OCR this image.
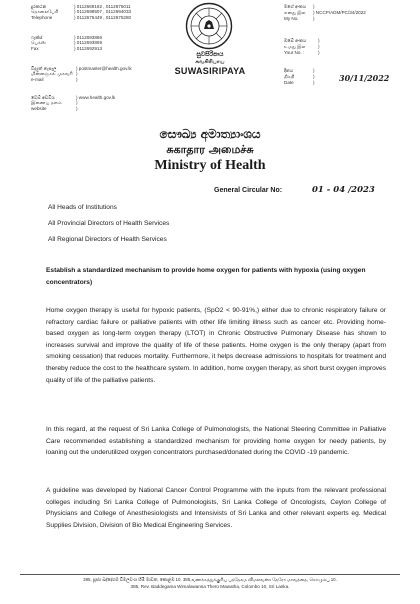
දුරකථන
தொலைபேசி
Telephone
) 0112669192 , 0112675011
) 0112698507 , 0112694033
) 0112675449 , 0112675280
ෆැක්ස්
பெக்ஸ்
Fax
) 0112693866
) 0112693869
) 0112692913
විද්‍යුත් තැපෑල
மின்னஞ்சல் முகவரி
e-mail
) postmaster@health.gov.lk
)
)
වෙබ් අඩවිය
இணைய தளம்
website
) www.health.gov.lk
)
)
සුවසිරිපාය
சுவசிரிபாய
SUWASIRIPAYA
මගේ අංකය
எனது இல
My No.
)
) NCCP/ADM/PC/34/2022
)
ඔබේ අංකය
உமது இல
Your No. :
)
)
)
දිනය
திகதி
Date
)
)
)	30/11/2022
සෞඛ්‍ය අමාත්‍යාංශය
சுகாதார அமைச்சு
Ministry of Health
General Circular No:	01 - 04 /2023
All Heads of Institutions
All Provincial Directors of Health Services
All Regional Directors of Health Services
Establish a standardized mechanism to provide home oxygen for patients with hypoxia (using oxygen concentrators)
Home oxygen therapy is useful for hypoxic patients, (SpO2 < 90-91%,) either due to chronic respiratory failure or refractory cardiac failure or palliative patients with other life limiting illness such as cancer etc. Providing home-based oxygen as long-term oxygen therapy (LTOT) in Chronic Obstructive Pulmonary Disease has shown to increases survival and improve the quality of life of these patients. Home oxygen is the only therapy (apart from smoking cessation) that reduces mortality. Furthermore, it helps decrease admissions to hospitals for treatment and thereby reduce the cost to the healthcare system. In addition, home oxygen therapy, as short burst oxygen improves quality of life of the palliative patients.
In this regard, at the request of Sri Lanka College of Pulmonologists, the National Steering Committee in Palliative Care recommended establishing a standardized mechanism for providing home oxygen for needy patients, by loaning out the underutilized oxygen concentrators purchased/donated during the COVID -19 pandemic.
A guideline was developed by National Cancer Control Programme with the inputs from the relevant professional colleges including Sri Lanka College of Pulmonologists, Sri Lanka College of Oncologists, Ceylon College of Physicians and College of Anesthesiologists and Intensivists of Sri Lanka and other relevant experts eg. Medical Supplies Division, Division of Bio Medical Engineering Services.
385, පූජ්‍ය බද්දේගම විමලවංශ හිමි මාවත, කොළඹ 10. 385,வணக்கத்துக்குரிய பத்தேகம விமலவன்ச தேரோ மாவத்தை, கொழும்பு 10.
385, Rev. Baddegama Wimalawansa Thero Mawatha, Colombo 10, Sri Lanka.
